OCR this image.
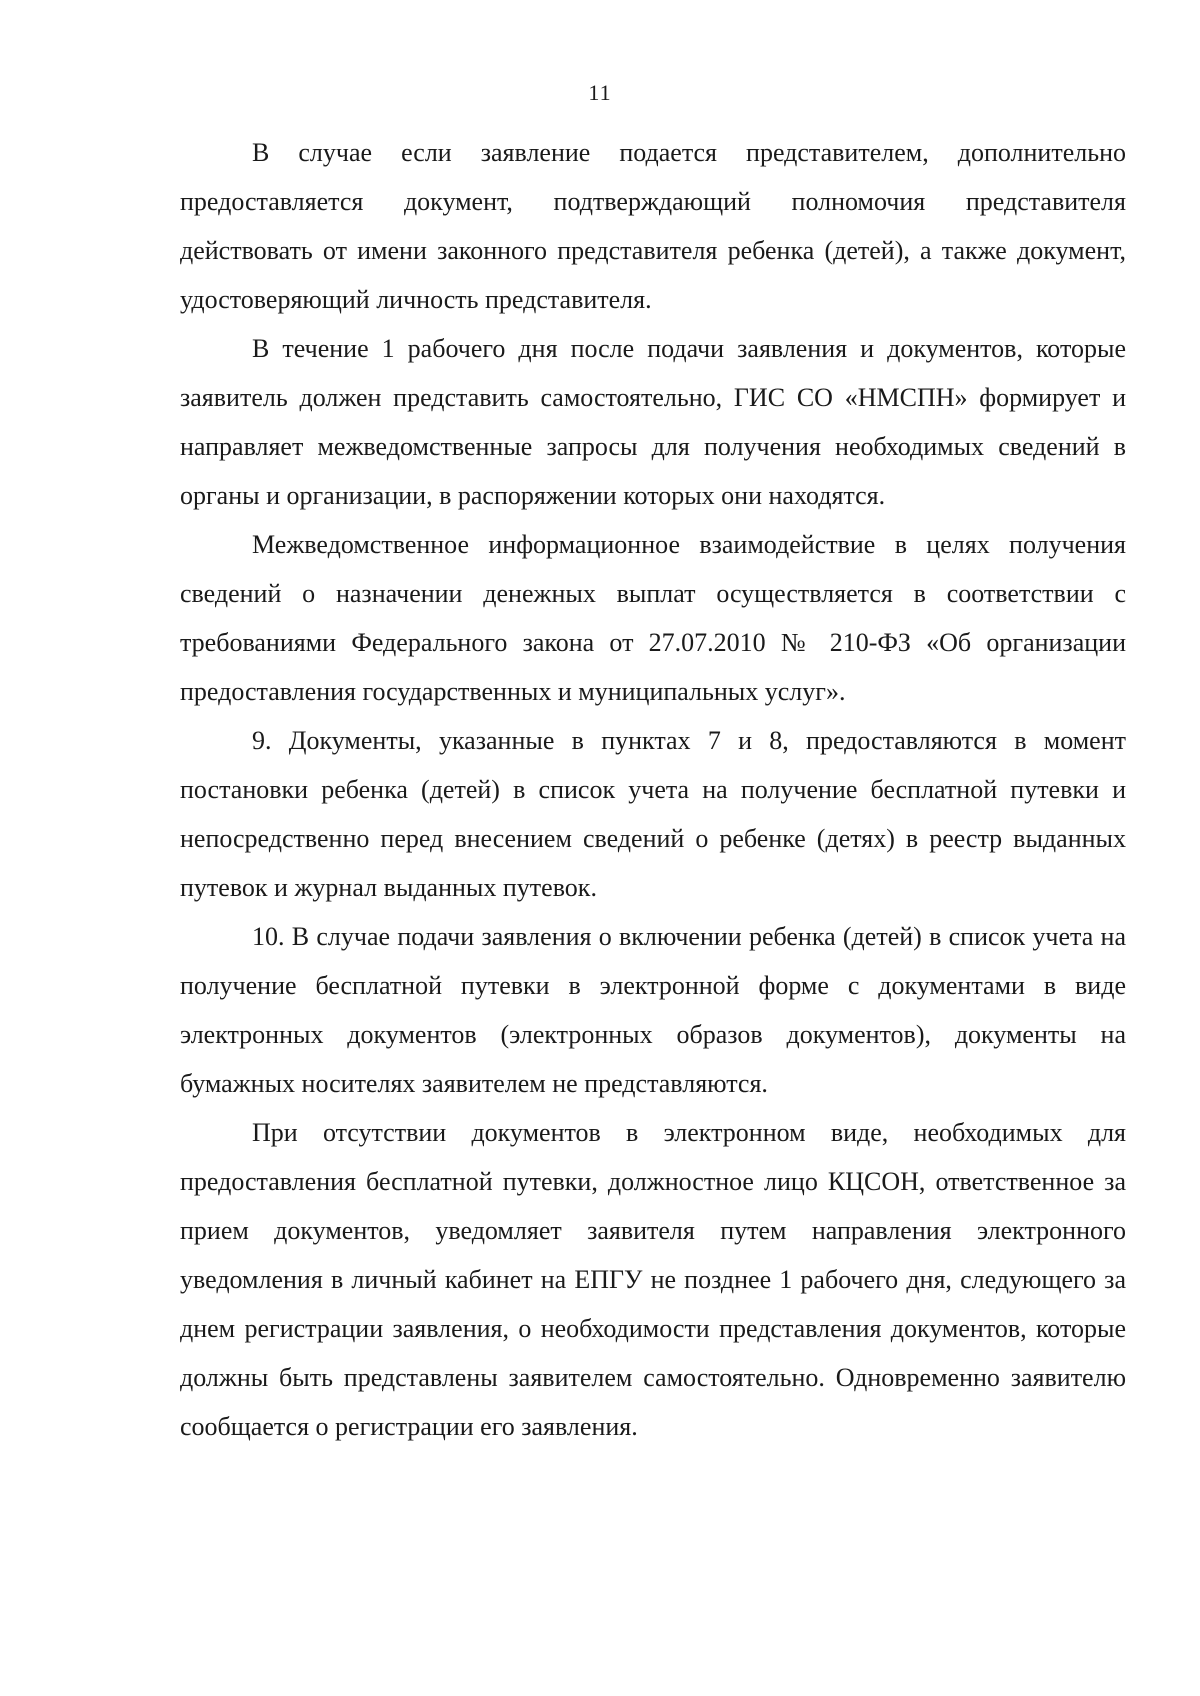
11

В случае если заявление подается представителем, дополнительно предоставляется документ, подтверждающий полномочия представителя действовать от имени законного представителя ребенка (детей), а также документ, удостоверяющий личность представителя.

В течение 1 рабочего дня после подачи заявления и документов, которые заявитель должен представить самостоятельно, ГИС СО «НМСПН» формирует и направляет межведомственные запросы для получения необходимых сведений в органы и организации, в распоряжении которых они находятся.

Межведомственное информационное взаимодействие в целях получения сведений о назначении денежных выплат осуществляется в соответствии с требованиями Федерального закона от 27.07.2010 № 210-ФЗ «Об организации предоставления государственных и муниципальных услуг».

9. Документы, указанные в пунктах 7 и 8, предоставляются в момент постановки ребенка (детей) в список учета на получение бесплатной путевки и непосредственно перед внесением сведений о ребенке (детях) в реестр выданных путевок и журнал выданных путевок.

10. В случае подачи заявления о включении ребенка (детей) в список учета на получение бесплатной путевки в электронной форме с документами в виде электронных документов (электронных образов документов), документы на бумажных носителях заявителем не представляются.

При отсутствии документов в электронном виде, необходимых для предоставления бесплатной путевки, должностное лицо КЦСОН, ответственное за прием документов, уведомляет заявителя путем направления электронного уведомления в личный кабинет на ЕПГУ не позднее 1 рабочего дня, следующего за днем регистрации заявления, о необходимости представления документов, которые должны быть представлены заявителем самостоятельно. Одновременно заявителю сообщается о регистрации его заявления.
